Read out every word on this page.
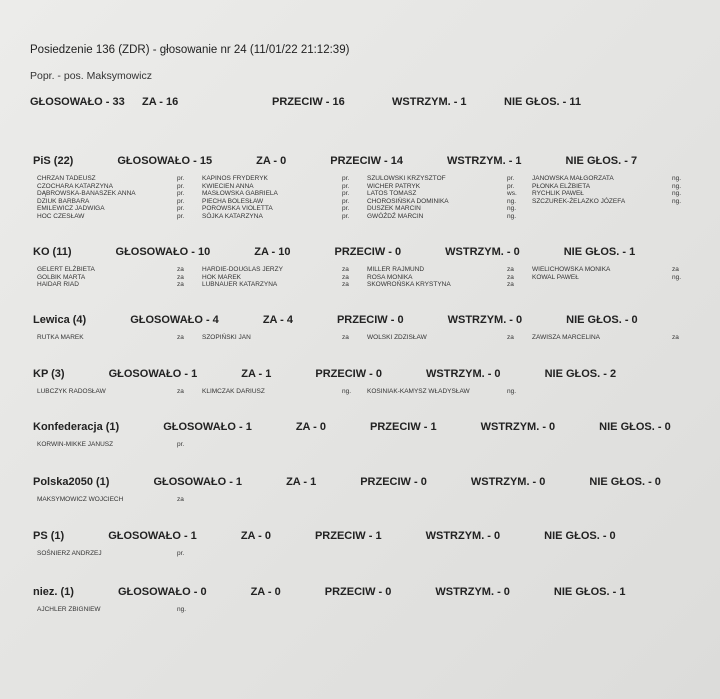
Posiedzenie 136 (ZDR) - głosowanie nr 24 (11/01/22 21:12:39)
Popr. - pos. Maksymowicz
GŁOSOWAŁO - 33	ZA - 16	PRZECIW - 16	WSTRZYM. - 1	NIE GŁOS. - 11
PiS (22)	GŁOSOWAŁO - 15	ZA - 0	PRZECIW - 14	WSTRZYM. - 1	NIE GŁOS. - 7
CHRZAN TADEUSZ	pr.	KAPINOS FRYDERYK	pr.	SZULOWSKI KRZYSZTOF	pr.	JANOWSKA MAŁGORZATA	ng.
CZOCHARA KATARZYNA	pr.	KWIECIEN ANNA	pr.	WICHER PATRYK	pr.	PŁONKA ELŻBIETA	ng.
DĄBROWSKA-BANASZEK ANNA	pr.	MASŁOWSKA GABRIELA	pr.	LATOS TOMASZ	ws.	RYCHLIK PAWEŁ	ng.
DZIUK BARBARA	pr.	PIECHA BOLESŁAW	pr.	CHOROSIŃSKA DOMINIKA	ng.	SZCZUREK-ŻELAZKO JÓZEFA	ng.
EMILEWICZ JADWIGA	pr.	POROWSKA VIOLETTA	pr.	DUSZEK MARCIN	ng.
HOC CZESŁAW	pr.	SÓJKA KATARZYNA	pr.	GWÓŹDŹ MARCIN	ng.
KO (11)	GŁOSOWAŁO - 10	ZA - 10	PRZECIW - 0	WSTRZYM. - 0	NIE GŁOS. - 1
GELERT ELŻBIETA	za	HARDIE-DOUGLAS JERZY	za	MILLER RAJMUND	za	WIELICHOWSKA MONIKA	za
GOLBIK MARTA	za	HOK MAREK	za	ROSA MONIKA	za	KOWAL PAWEŁ	ng.
HAIDAR RIAD	za	LUBNAUER KATARZYNA	za	SKOWROŃSKA KRYSTYNA	za
Lewica (4)	GŁOSOWAŁO - 4	ZA - 4	PRZECIW - 0	WSTRZYM. - 0	NIE GŁOS. - 0
RUTKA MAREK	za	SZOPIŃSKI JAN	za	WOLSKI ZDZISŁAW	za	ZAWISZA MARCELINA	za
KP (3)	GŁOSOWAŁO - 1	ZA - 1	PRZECIW - 0	WSTRZYM. - 0	NIE GŁOS. - 2
LUBCZYK RADOSŁAW	za	KLIMCZAK DARIUSZ	ng.	KOSINIAK-KAMYSZ WŁADYSŁAW	ng.
Konfederacja (1)	GŁOSOWAŁO - 1	ZA - 0	PRZECIW - 1	WSTRZYM. - 0	NIE GŁOS. - 0
KORWIN-MIKKE JANUSZ	pr.
Polska2050 (1)	GŁOSOWAŁO - 1	ZA - 1	PRZECIW - 0	WSTRZYM. - 0	NIE GŁOS. - 0
MAKSYMOWICZ WOJCIECH	za
PS (1)	GŁOSOWAŁO - 1	ZA - 0	PRZECIW - 1	WSTRZYM. - 0	NIE GŁOS. - 0
SOŚNIERZ ANDRZEJ	pr.
niez. (1)	GŁOSOWAŁO - 0	ZA - 0	PRZECIW - 0	WSTRZYM. - 0	NIE GŁOS. - 1
AJCHLER ZBIGNIEW	ng.
